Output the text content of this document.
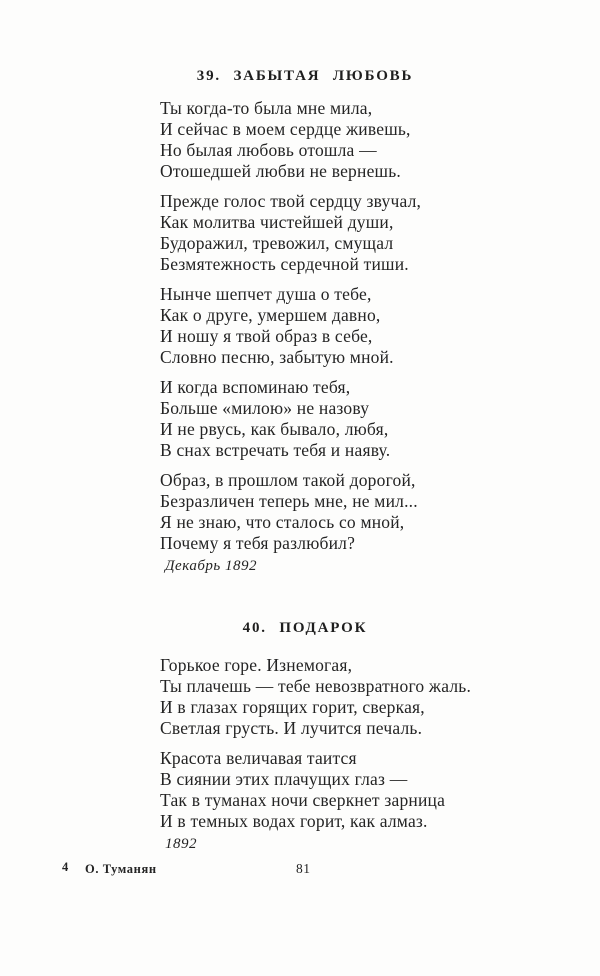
39. ЗАБЫТАЯ ЛЮБОВЬ
Ты когда-то была мне мила,
И сейчас в моем сердце живешь,
Но былая любовь отошла —
Отошедшей любви не вернешь.
Прежде голос твой сердцу звучал,
Как молитва чистейшей души,
Будоражил, тревожил, смущал
Безмятежность сердечной тиши.
Нынче шепчет душа о тебе,
Как о друге, умершем давно,
И ношу я твой образ в себе,
Словно песню, забытую мной.
И когда вспоминаю тебя,
Больше «милою» не назову
И не рвусь, как бывало, любя,
В снах встречать тебя и наяву.
Образ, в прошлом такой дорогой,
Безразличен теперь мне, не мил...
Я не знаю, что сталось со мной,
Почему я тебя разлюбил?
Декабрь 1892
40. ПОДАРОК
Горькое горе. Изнемогая,
Ты плачешь — тебе невозвратного жаль.
И в глазах горящих горит, сверкая,
Светлая грусть. И лучится печаль.
Красота величавая таится
В сиянии этих плачущих глаз —
Так в туманах ночи сверкнет зарница
И в темных водах горит, как алмаз.
1892
4 О. Туманян	81
